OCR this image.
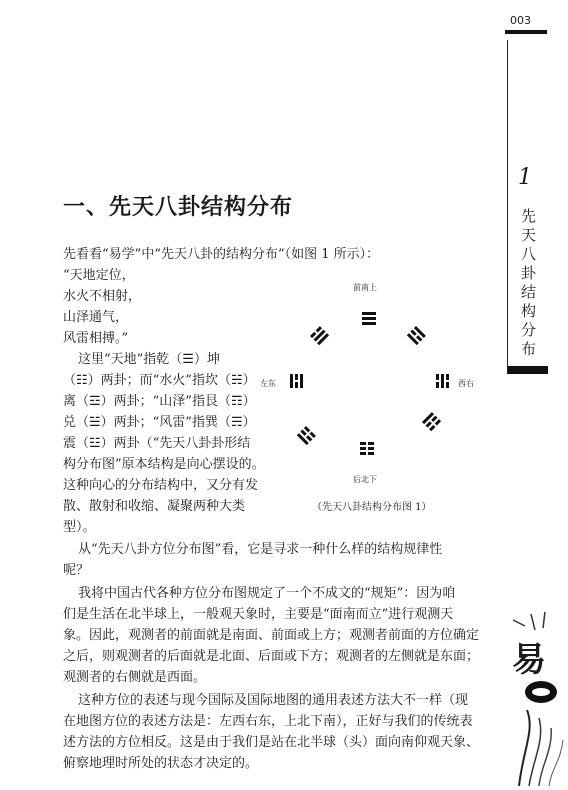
003
1
先天八卦结构分布
一、先天八卦结构分布
先看看“易学”中“先天八卦的结构分布”（如图 1 所示）：
“天地定位，
水火不相射，
山泽通气，
风雷相搏。”
这里“天地”指乾（☰）坤
（☷）两卦；而“水火”指坎（☵）
离（☲）两卦；“山泽”指艮（☶）
兑（☱）两卦；“风雷”指巽（☴）
震（☳）两卦（“先天八卦卦形结
构分布图”原本结构是向心摆设的。
这种向心的分布结构中，又分有发
散、散射和收缩、凝聚两种大类
型）。
前南上
左东	西右
后北下
（先天八卦结构分布图 1）
从“先天八卦方位分布图”看，它是寻求一种什么样的结构规律性
呢？
我将中国古代各种方位分布图规定了一个不成文的“规矩”：因为咱
们是生活在北半球上，一般观天象时，主要是“面南而立”进行观测天
象。因此，观测者的前面就是南面、前面或上方；观测者前面的方位确定
之后，则观测者的后面就是北面、后面或下方；观测者的左侧就是东面；
观测者的右侧就是西面。
这种方位的表述与现今国际及国际地图的通用表述方法大不一样（现
在地图方位的表述方法是：左西右东，上北下南），正好与我们的传统表
述方法的方位相反。这是由于我们是站在北半球（头）面向南仰观天象、
俯察地理时所处的状态才决定的。
易
